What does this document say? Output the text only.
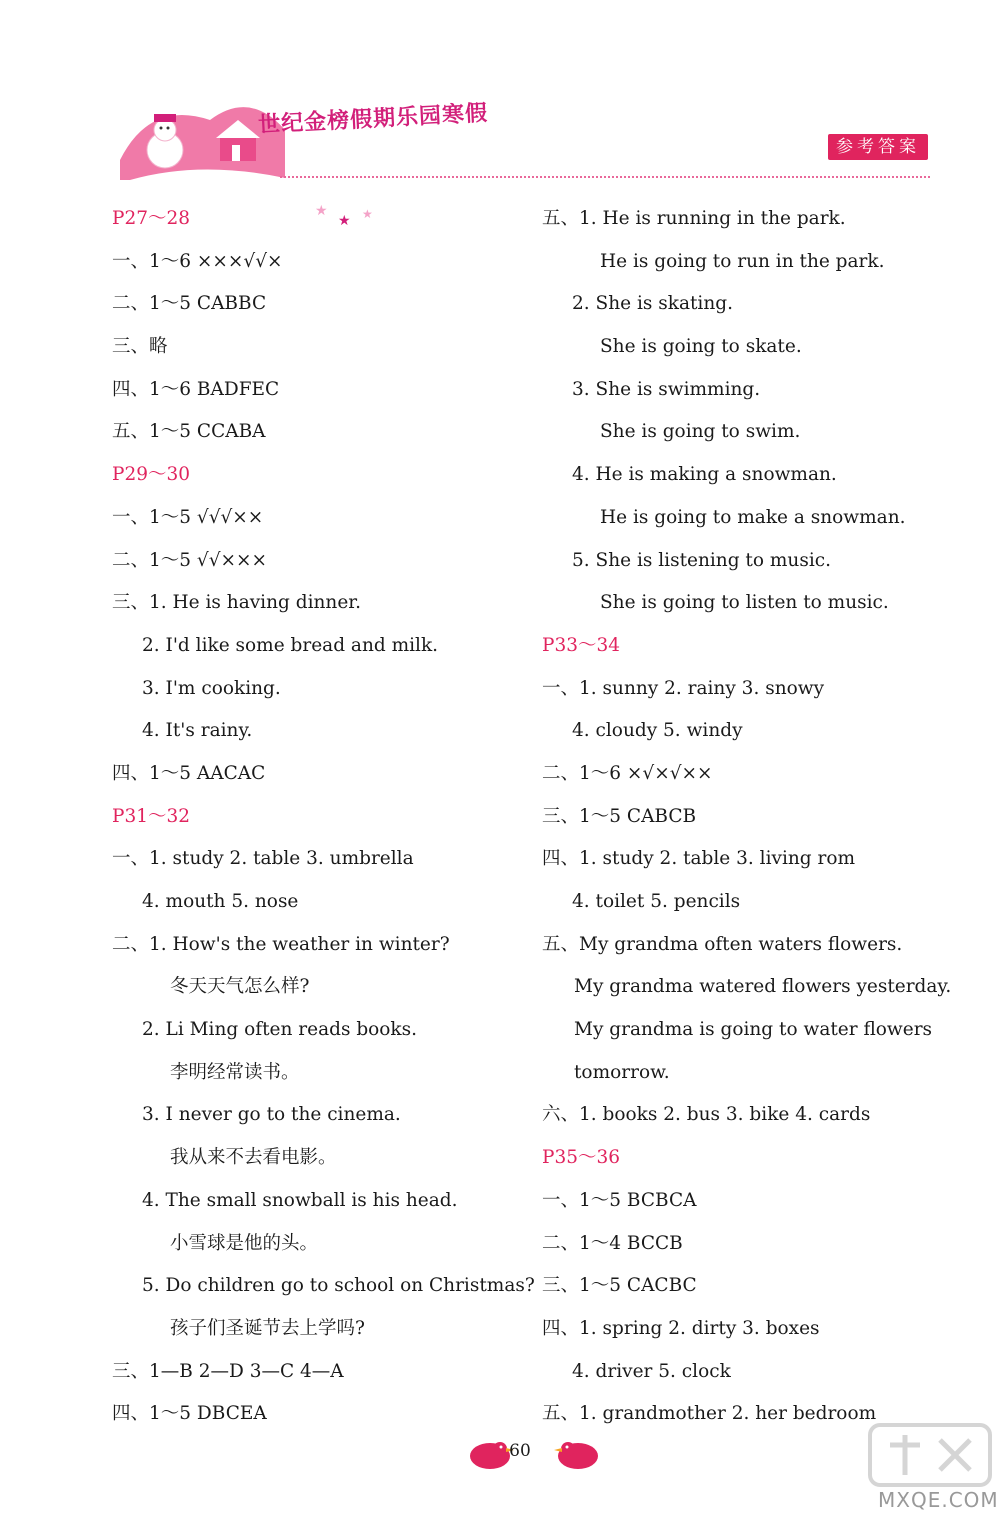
★
★ ★
世纪金榜假期乐园寒假
参考答案
P27～28
一、1～6 ×××√√×
二、1～5 CABBC
三、略
四、1～6 BADFEC
五、1～5 CCABA
P29～30
一、1～5 √√√××
二、1～5 √√×××
三、1. He is having dinner.
2. I'd like some bread and milk.
3. I'm cooking.
4. It's rainy.
四、1～5 AACAC
P31～32
一、1. study 2. table 3. umbrella
4. mouth 5. nose
二、1. How's the weather in winter?
冬天天气怎么样?
2. Li Ming often reads books.
李明经常读书。
3. I never go to the cinema.
我从来不去看电影。
4. The small snowball is his head.
小雪球是他的头。
5. Do children go to school on Christmas?
孩子们圣诞节去上学吗?
三、1—B 2—D 3—C 4—A
四、1～5 DBCEA
五、1. He is running in the park.
He is going to run in the park.
2. She is skating.
She is going to skate.
3. She is swimming.
She is going to swim.
4. He is making a snowman.
He is going to make a snowman.
5. She is listening to music.
She is going to listen to music.
P33～34
一、1. sunny 2. rainy 3. snowy
4. cloudy 5. windy
二、1～6 ×√×√××
三、1～5 CABCB
四、1. study 2. table 3. living rom
4. toilet 5. pencils
五、My grandma often waters flowers.
My grandma watered flowers yesterday.
My grandma is going to water flowers
tomorrow.
六、1. books 2. bus 3. bike 4. cards
P35～36
一、1～5 BCBCA
二、1～4 BCCB
三、1～5 CACBC
四、1. spring 2. dirty 3. boxes
4. driver 5. clock
五、1. grandmother 2. her bedroom
60
MXQE.COM
